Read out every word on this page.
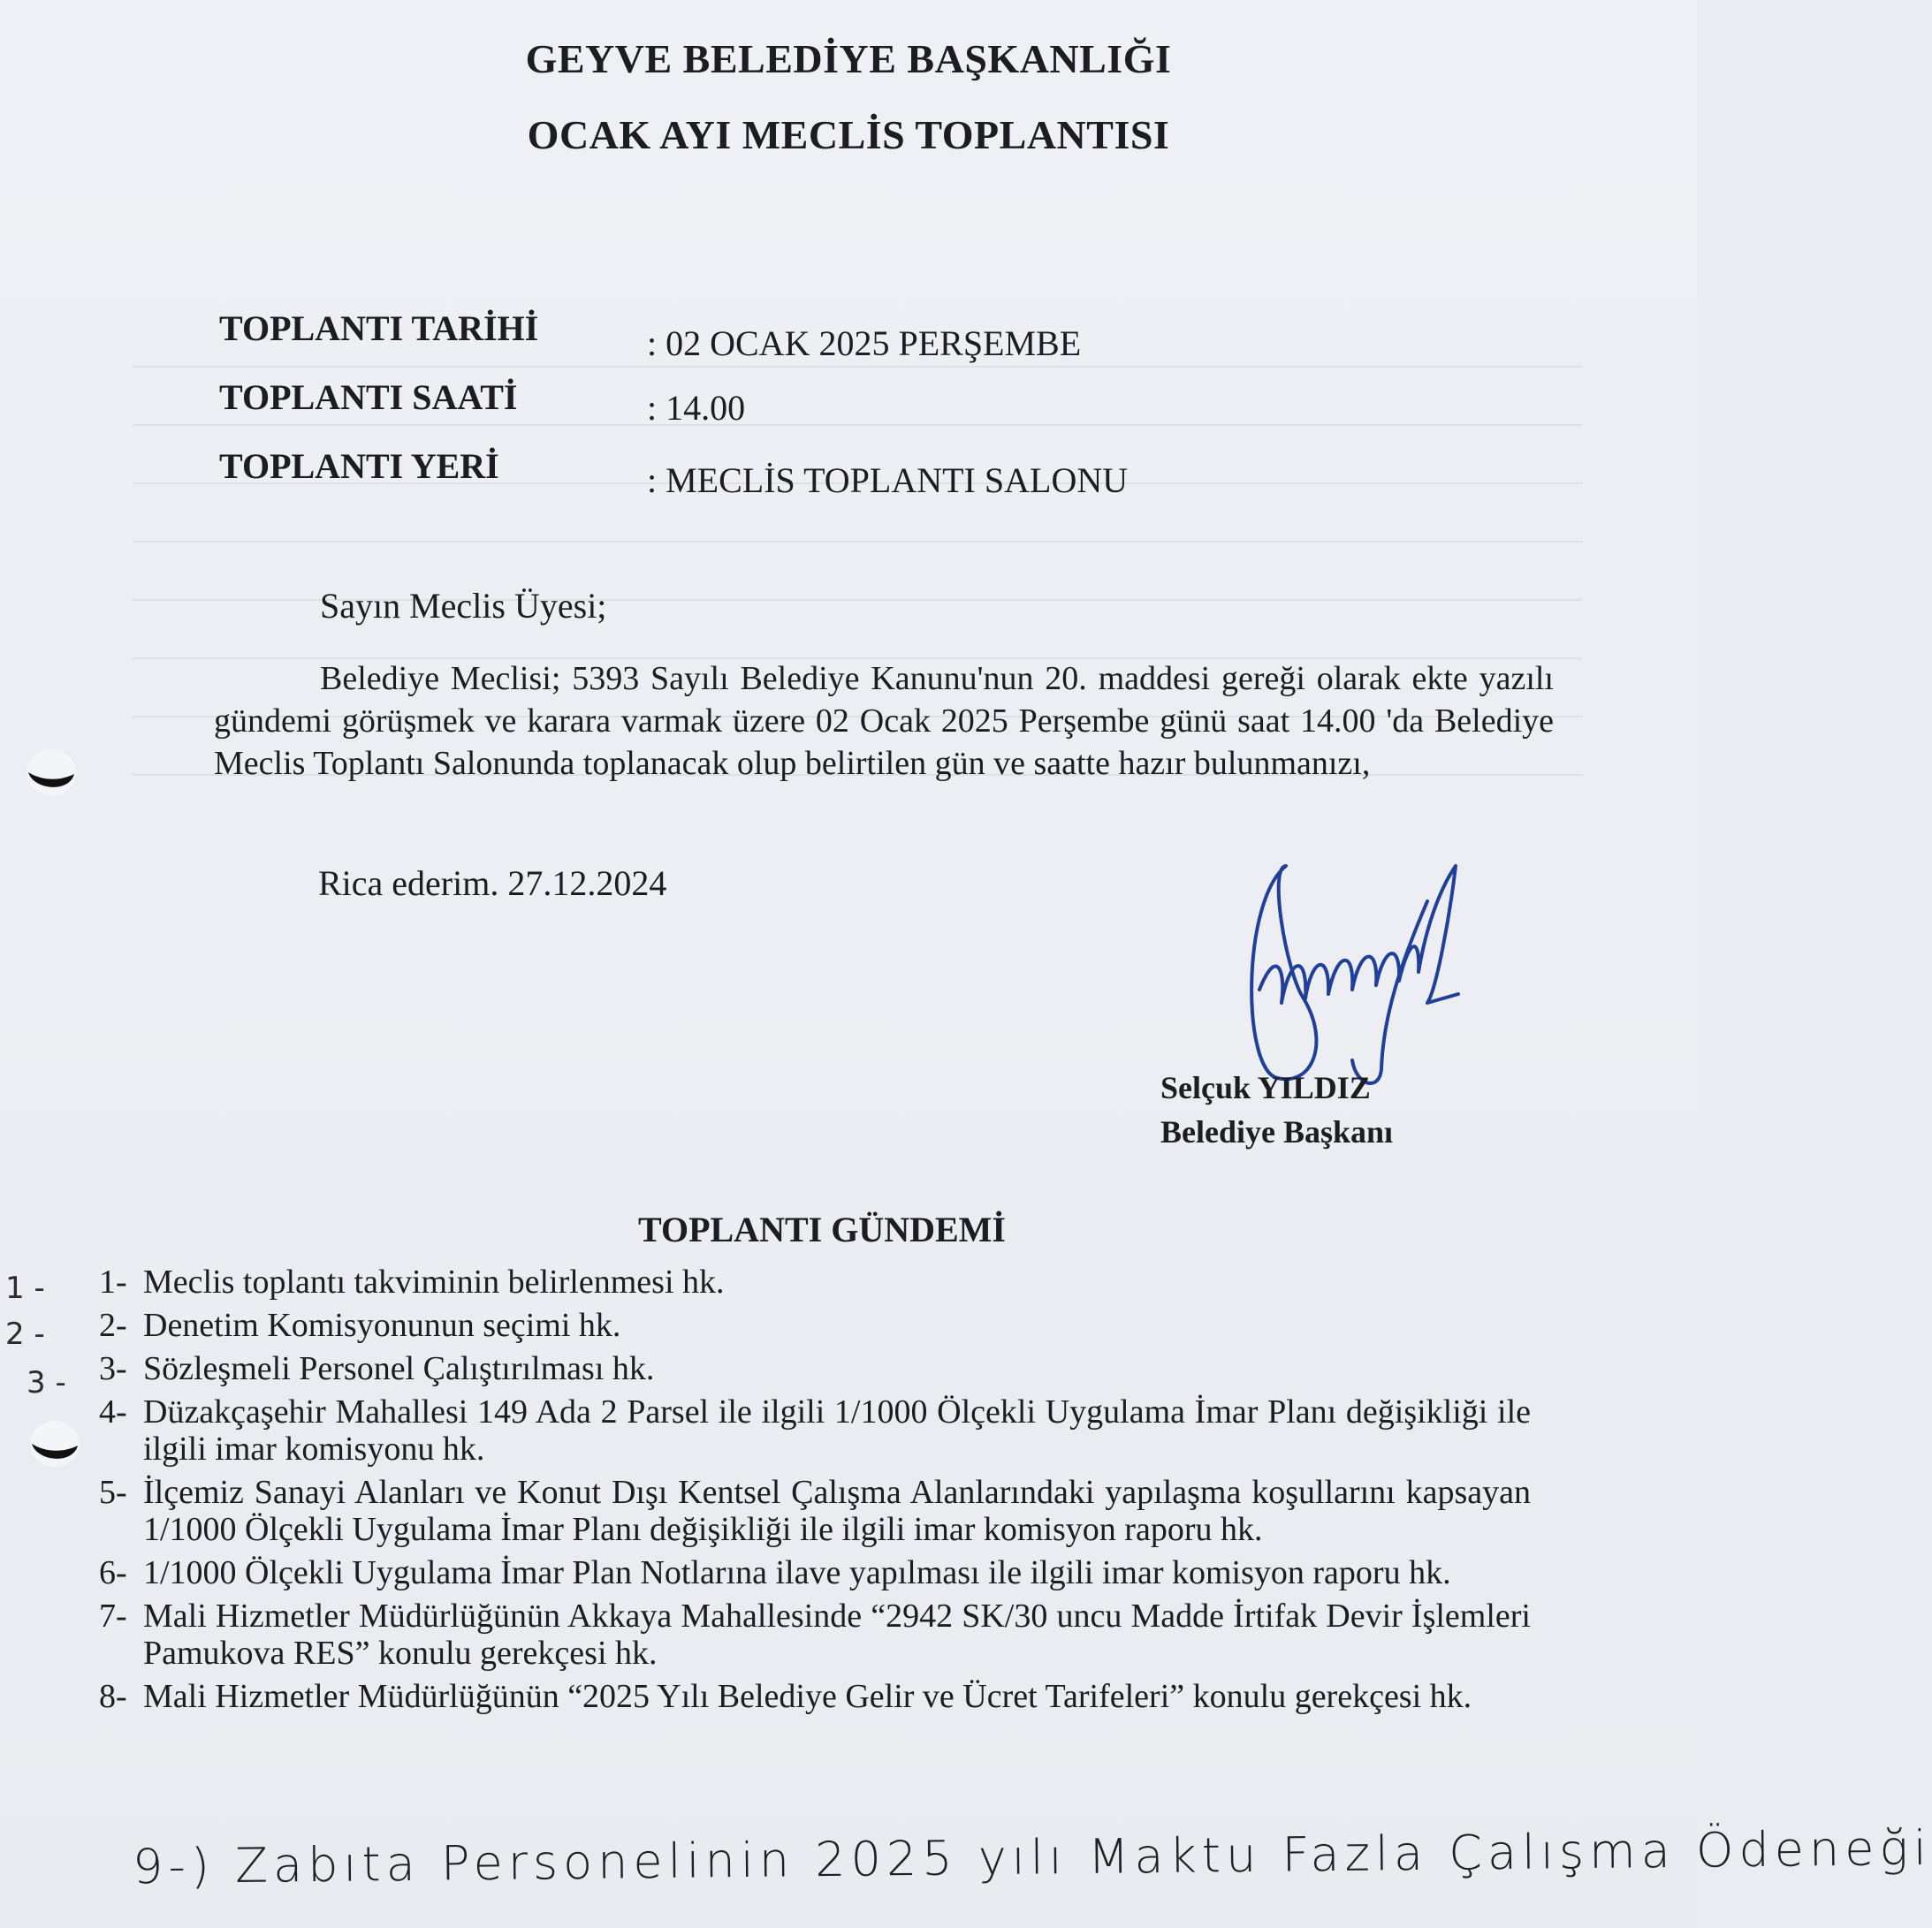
GEYVE BELEDİYE BAŞKANLIĞI
OCAK AYI MECLİS TOPLANTISI
TOPLANTI TARİHİ	: 02 OCAK 2025 PERŞEMBE
TOPLANTI SAATİ	: 14.00
TOPLANTI YERİ	: MECLİS TOPLANTI SALONU
Sayın Meclis Üyesi;
Belediye Meclisi; 5393 Sayılı Belediye Kanunu'nun 20. maddesi gereği olarak ekte yazılı gündemi görüşmek ve karara varmak üzere 02 Ocak 2025 Perşembe günü saat 14.00 'da Belediye Meclis Toplantı Salonunda toplanacak olup belirtilen gün ve saatte hazır bulunmanızı,
Rica ederim. 27.12.2024
Selçuk YILDIZ
Belediye Başkanı
TOPLANTI GÜNDEMİ
1- Meclis toplantı takviminin belirlenmesi hk.
2- Denetim Komisyonunun seçimi hk.
3- Sözleşmeli Personel Çalıştırılması hk.
4- Düzakçaşehir Mahallesi 149 Ada 2 Parsel ile ilgili 1/1000 Ölçekli Uygulama İmar Planı değişikliği ile ilgili imar komisyonu hk.
5- İlçemiz Sanayi Alanları ve Konut Dışı Kentsel Çalışma Alanlarındaki yapılaşma koşullarını kapsayan 1/1000 Ölçekli Uygulama İmar Planı değişikliği ile ilgili imar komisyon raporu hk.
6- 1/1000 Ölçekli Uygulama İmar Plan Notlarına ilave yapılması ile ilgili imar komisyon raporu hk.
7- Mali Hizmetler Müdürlüğünün Akkaya Mahallesinde “2942 SK/30 uncu Madde İrtifak Devir İşlemleri Pamukova RES” konulu gerekçesi hk.
8- Mali Hizmetler Müdürlüğünün “2025 Yılı Belediye Gelir ve Ücret Tarifeleri” konulu gerekçesi hk.
1 -
2 -
3 -
9-) Zabıta Personelinin 2025 yılı Maktu Fazla Çalışma Ödeneği
